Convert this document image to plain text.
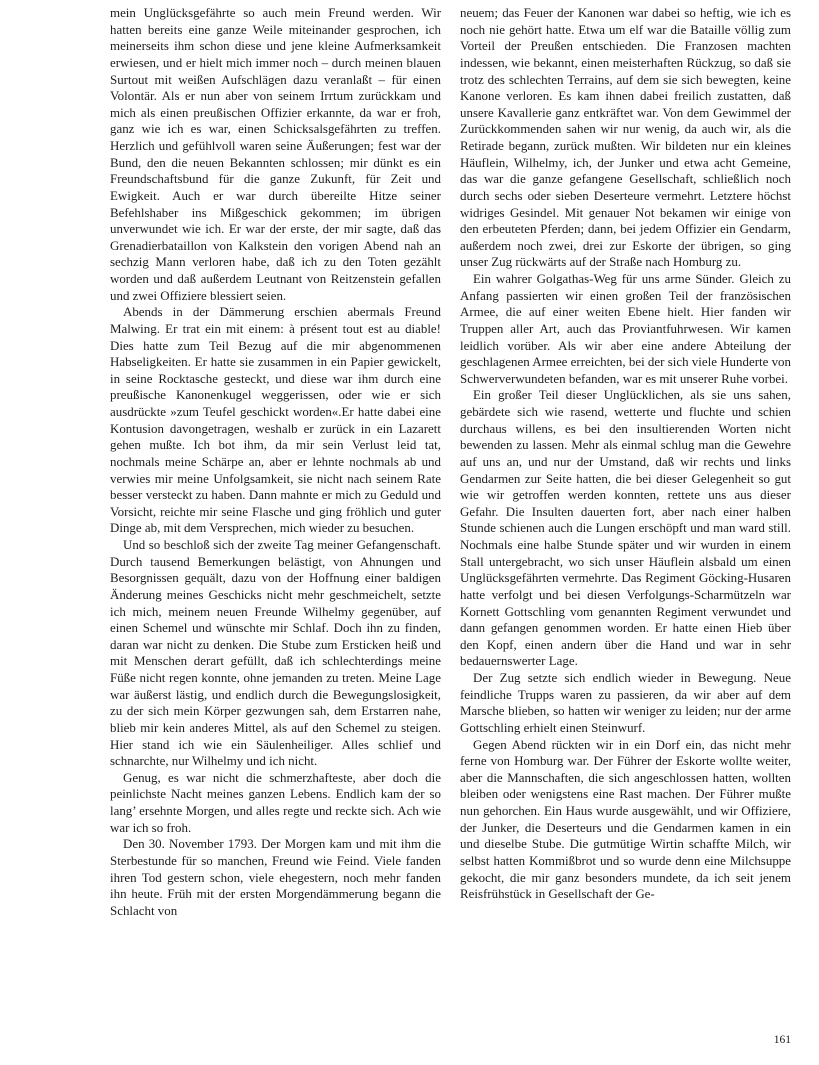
mein Unglücksgefährte so auch mein Freund werden. Wir hatten bereits eine ganze Weile miteinander gesprochen, ich meinerseits ihm schon diese und jene kleine Aufmerksamkeit erwiesen, und er hielt mich immer noch – durch meinen blauen Surtout mit weißen Aufschlägen dazu veranlaßt – für einen Volontär. Als er nun aber von seinem Irrtum zurückkam und mich als einen preußischen Offizier erkannte, da war er froh, ganz wie ich es war, einen Schicksalsgefährten zu treffen. Herzlich und gefühlvoll waren seine Äußerungen; fest war der Bund, den die neuen Bekannten schlossen; mir dünkt es ein Freundschaftsbund für die ganze Zukunft, für Zeit und Ewigkeit. Auch er war durch übereilte Hitze seiner Befehlshaber ins Mißgeschick gekommen; im übrigen unverwundet wie ich. Er war der erste, der mir sagte, daß das Grenadierbataillon von Kalkstein den vorigen Abend nah an sechzig Mann verloren habe, daß ich zu den Toten gezählt worden und daß außerdem Leutnant von Reitzenstein gefallen und zwei Offiziere blessiert seien.

Abends in der Dämmerung erschien abermals Freund Malwing. Er trat ein mit einem: à présent tout est au diable! Dies hatte zum Teil Bezug auf die mir abgenommenen Habseligkeiten. Er hatte sie zusammen in ein Papier gewickelt, in seine Rocktasche gesteckt, und diese war ihm durch eine preußische Kanonenkugel weggerissen, oder wie er sich ausdrückte »zum Teufel geschickt worden«.Er hatte dabei eine Kontusion davongetragen, weshalb er zurück in ein Lazarett gehen mußte. Ich bot ihm, da mir sein Verlust leid tat, nochmals meine Schärpe an, aber er lehnte nochmals ab und verwies mir meine Unfolgsamkeit, sie nicht nach seinem Rate besser versteckt zu haben. Dann mahnte er mich zu Geduld und Vorsicht, reichte mir seine Flasche und ging fröhlich und guter Dinge ab, mit dem Versprechen, mich wieder zu besuchen.

Und so beschloß sich der zweite Tag meiner Gefangenschaft. Durch tausend Bemerkungen belästigt, von Ahnungen und Besorgnissen gequält, dazu von der Hoffnung einer baldigen Änderung meines Geschicks nicht mehr geschmeichelt, setzte ich mich, meinem neuen Freunde Wilhelmy gegenüber, auf einen Schemel und wünschte mir Schlaf. Doch ihn zu finden, daran war nicht zu denken. Die Stube zum Ersticken heiß und mit Menschen derart gefüllt, daß ich schlechterdings meine Füße nicht regen konnte, ohne jemanden zu treten. Meine Lage war äußerst lästig, und endlich durch die Bewegungslosigkeit, zu der sich mein Körper gezwungen sah, dem Erstarren nahe, blieb mir kein anderes Mittel, als auf den Schemel zu steigen. Hier stand ich wie ein Säulenheiliger. Alles schlief und schnarchte, nur Wilhelmy und ich nicht.

Genug, es war nicht die schmerzhafteste, aber doch die peinlichste Nacht meines ganzen Lebens. Endlich kam der so lang’ ersehnte Morgen, und alles regte und reckte sich. Ach wie war ich so froh.

Den 30. November 1793. Der Morgen kam und mit ihm die Sterbestunde für so manchen, Freund wie Feind. Viele fanden ihren Tod gestern schon, viele ehegestern, noch mehr fanden ihn heute. Früh mit der ersten Morgendämmerung begann die Schlacht von

neuem; das Feuer der Kanonen war dabei so heftig, wie ich es noch nie gehört hatte. Etwa um elf war die Bataille völlig zum Vorteil der Preußen entschieden. Die Franzosen machten indessen, wie bekannt, einen meisterhaften Rückzug, so daß sie trotz des schlechten Terrains, auf dem sie sich bewegten, keine Kanone verloren. Es kam ihnen dabei freilich zustatten, daß unsere Kavallerie ganz entkräftet war. Von dem Gewimmel der Zurückkommenden sahen wir nur wenig, da auch wir, als die Retirade begann, zurück mußten. Wir bildeten nur ein kleines Häuflein, Wilhelmy, ich, der Junker und etwa acht Gemeine, das war die ganze gefangene Gesellschaft, schließlich noch durch sechs oder sieben Deserteure vermehrt. Letztere höchst widriges Gesindel. Mit genauer Not bekamen wir einige von den erbeuteten Pferden; dann, bei jedem Offizier ein Gendarm, außerdem noch zwei, drei zur Eskorte der übrigen, so ging unser Zug rückwärts auf der Straße nach Homburg zu.

Ein wahrer Golgathas-Weg für uns arme Sünder. Gleich zu Anfang passierten wir einen großen Teil der französischen Armee, die auf einer weiten Ebene hielt. Hier fanden wir Truppen aller Art, auch das Proviantfuhrwesen. Wir kamen leidlich vorüber. Als wir aber eine andere Abteilung der geschlagenen Armee erreichten, bei der sich viele Hunderte von Schwerverwundeten befanden, war es mit unserer Ruhe vorbei.

Ein großer Teil dieser Unglücklichen, als sie uns sahen, gebärdete sich wie rasend, wetterte und fluchte und schien durchaus willens, es bei den insultierenden Worten nicht bewenden zu lassen. Mehr als einmal schlug man die Gewehre auf uns an, und nur der Umstand, daß wir rechts und links Gendarmen zur Seite hatten, die bei dieser Gelegenheit so gut wie wir getroffen werden konnten, rettete uns aus dieser Gefahr. Die Insulten dauerten fort, aber nach einer halben Stunde schienen auch die Lungen erschöpft und man ward still. Nochmals eine halbe Stunde später und wir wurden in einem Stall untergebracht, wo sich unser Häuflein alsbald um einen Unglücksgefährten vermehrte. Das Regiment Göcking-Husaren hatte verfolgt und bei diesen Verfolgungs-Scharmützeln war Kornett Gottschling vom genannten Regiment verwundet und dann gefangen genommen worden. Er hatte einen Hieb über den Kopf, einen andern über die Hand und war in sehr bedauernswerter Lage.

Der Zug setzte sich endlich wieder in Bewegung. Neue feindliche Trupps waren zu passieren, da wir aber auf dem Marsche blieben, so hatten wir weniger zu leiden; nur der arme Gottschling erhielt einen Steinwurf.

Gegen Abend rückten wir in ein Dorf ein, das nicht mehr ferne von Homburg war. Der Führer der Eskorte wollte weiter, aber die Mannschaften, die sich angeschlossen hatten, wollten bleiben oder wenigstens eine Rast machen. Der Führer mußte nun gehorchen. Ein Haus wurde ausgewählt, und wir Offiziere, der Junker, die Deserteurs und die Gendarmen kamen in ein und dieselbe Stube. Die gutmütige Wirtin schaffte Milch, wir selbst hatten Kommißbrot und so wurde denn eine Milchsuppe gekocht, die mir ganz besonders mundete, da ich seit jenem Reisfrühstück in Gesellschaft der Ge-

161
